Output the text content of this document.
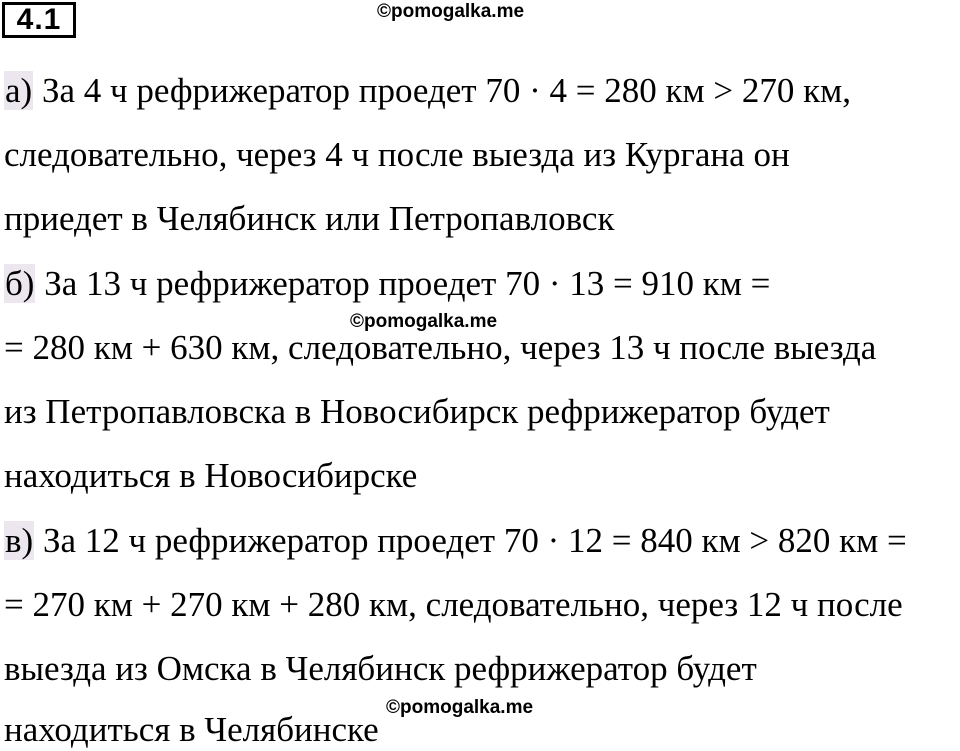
4.1	©pomogalka.me
©pomogalka.me
©pomogalka.me
а) За 4 ч рефрижератор проедет 70 · 4 = 280 км > 270 км,
следовательно, через 4 ч после выезда из Кургана он
приедет в Челябинск или Петропавловск
б) За 13 ч рефрижератор проедет 70 · 13 = 910 км =
= 280 км + 630 км, следовательно, через 13 ч после выезда
из Петропавловска в Новосибирск рефрижератор будет
находиться в Новосибирске
в) За 12 ч рефрижератор проедет 70 · 12 = 840 км > 820 км =
= 270 км + 270 км + 280 км, следовательно, через 12 ч после
выезда из Омска в Челябинск рефрижератор будет
находиться в Челябинске
